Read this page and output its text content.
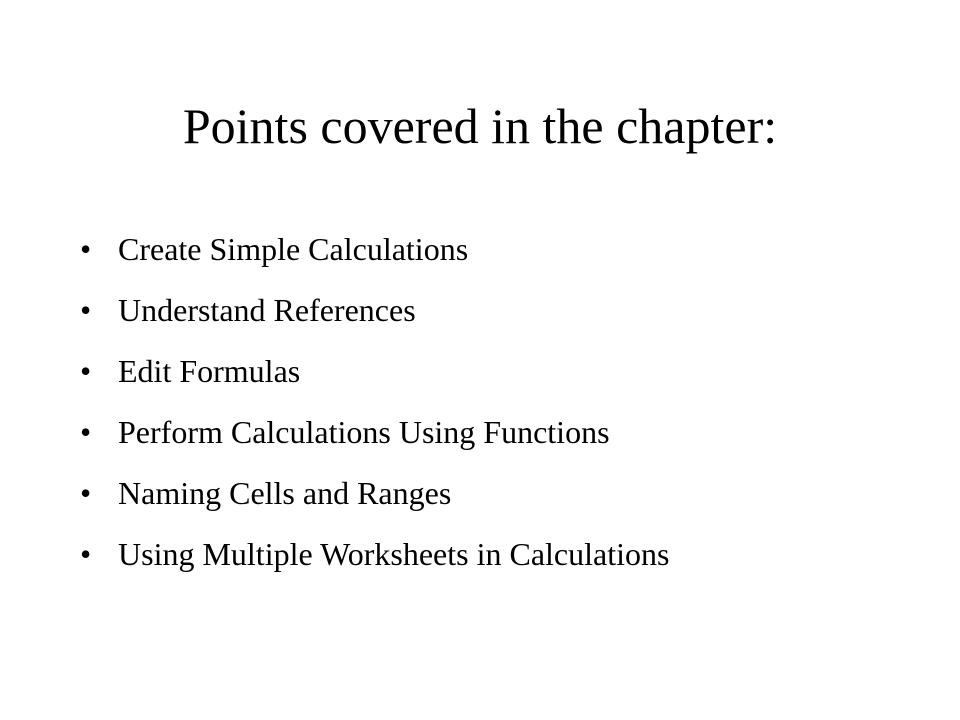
Points covered in the chapter:
• Create Simple Calculations
• Understand References
• Edit Formulas
• Perform Calculations Using Functions
• Naming Cells and Ranges
• Using Multiple Worksheets in Calculations
